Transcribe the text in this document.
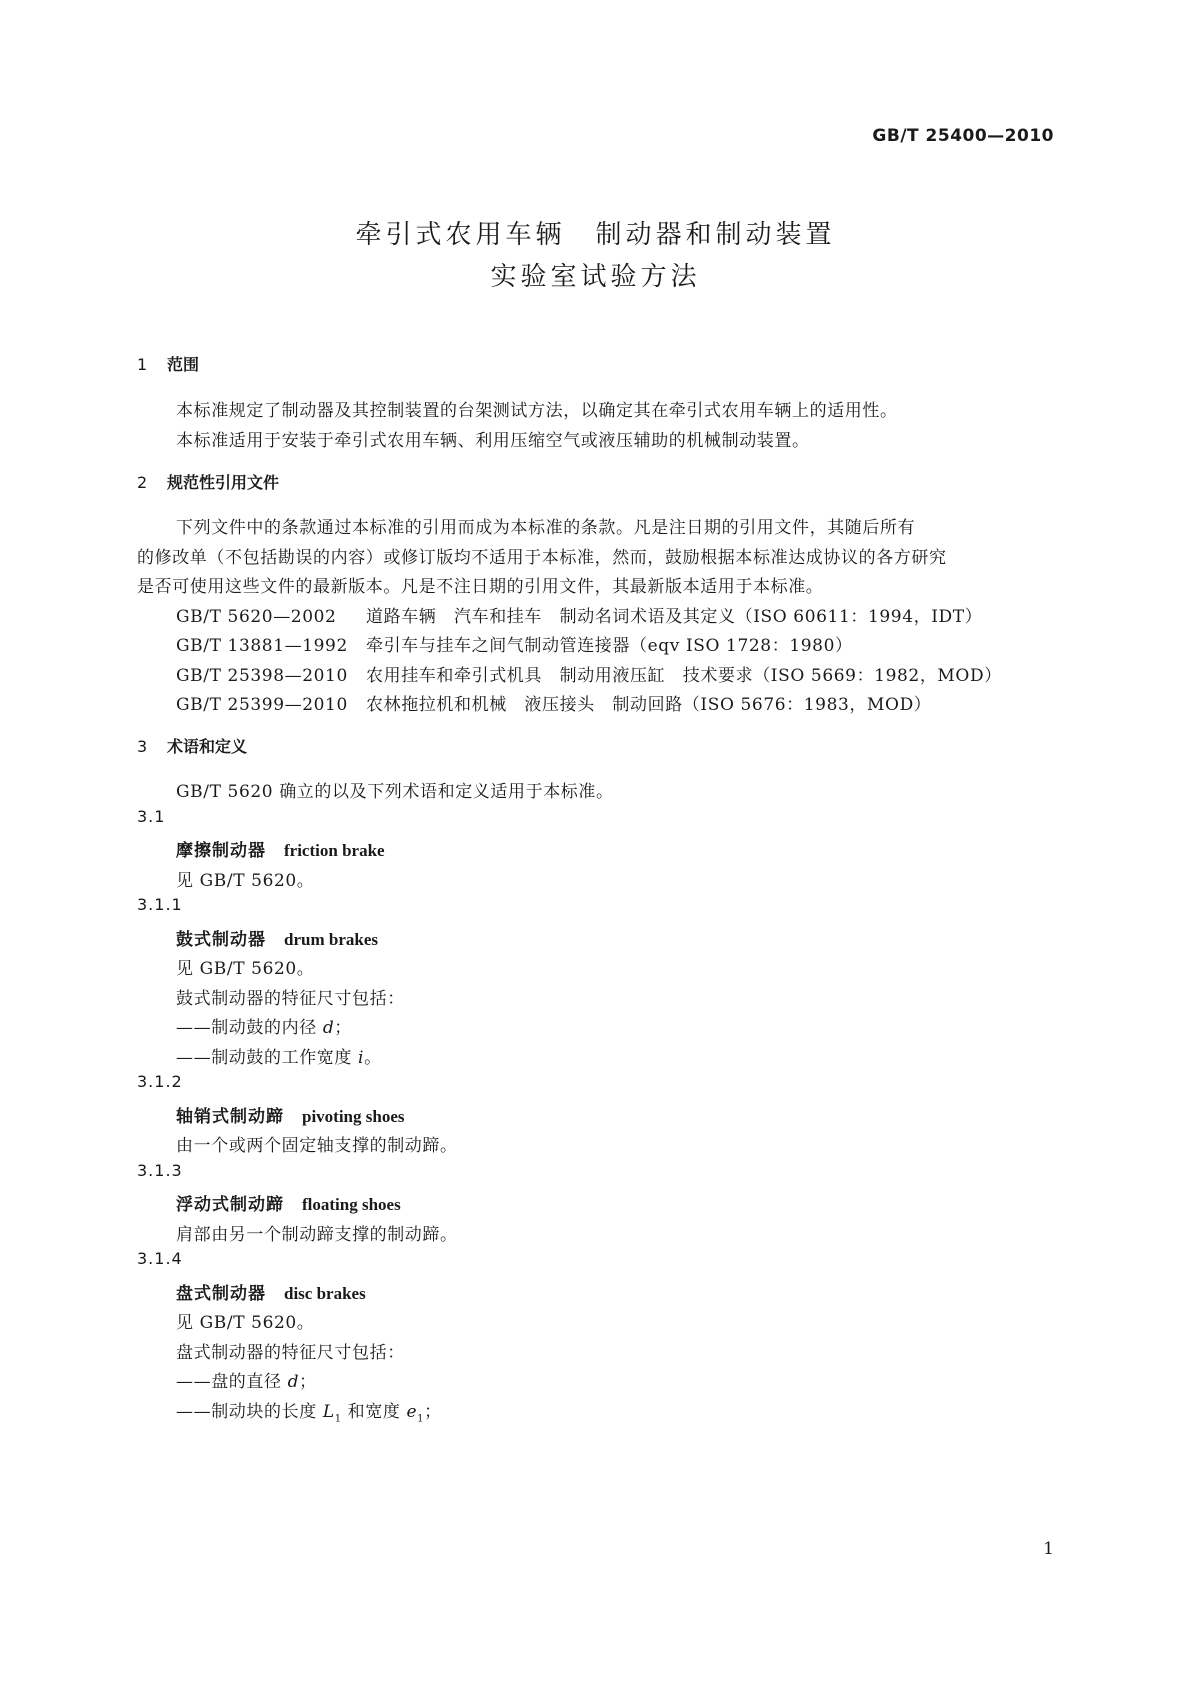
GB/T 25400—2010
牵引式农用车辆　制动器和制动装置
实验室试验方法
1 范围
本标准规定了制动器及其控制装置的台架测试方法，以确定其在牵引式农用车辆上的适用性。
本标准适用于安装于牵引式农用车辆、利用压缩空气或液压辅助的机械制动装置。
2 规范性引用文件
下列文件中的条款通过本标准的引用而成为本标准的条款。凡是注日期的引用文件，其随后所有
的修改单（不包括勘误的内容）或修订版均不适用于本标准，然而，鼓励根据本标准达成协议的各方研究
是否可使用这些文件的最新版本。凡是不注日期的引用文件，其最新版本适用于本标准。
GB/T 5620—2002 道路车辆　汽车和挂车　制动名词术语及其定义（ISO 60611：1994，IDT）
GB/T 13881—1992 牵引车与挂车之间气制动管连接器（eqv ISO 1728：1980）
GB/T 25398—2010 农用挂车和牵引式机具　制动用液压缸　技术要求（ISO 5669：1982，MOD）
GB/T 25399—2010 农林拖拉机和机械　液压接头　制动回路（ISO 5676：1983，MOD）
3 术语和定义
GB/T 5620 确立的以及下列术语和定义适用于本标准。
3.1
摩擦制动器 friction brake
见 GB/T 5620。
3.1.1
鼓式制动器 drum brakes
见 GB/T 5620。
鼓式制动器的特征尺寸包括：
——制动鼓的内径 d；
——制动鼓的工作宽度 i。
3.1.2
轴销式制动蹄 pivoting shoes
由一个或两个固定轴支撑的制动蹄。
3.1.3
浮动式制动蹄 floating shoes
肩部由另一个制动蹄支撑的制动蹄。
3.1.4
盘式制动器 disc brakes
见 GB/T 5620。
盘式制动器的特征尺寸包括：
——盘的直径 d；
——制动块的长度 $L_1$ 和宽度 $e_1$；
1
